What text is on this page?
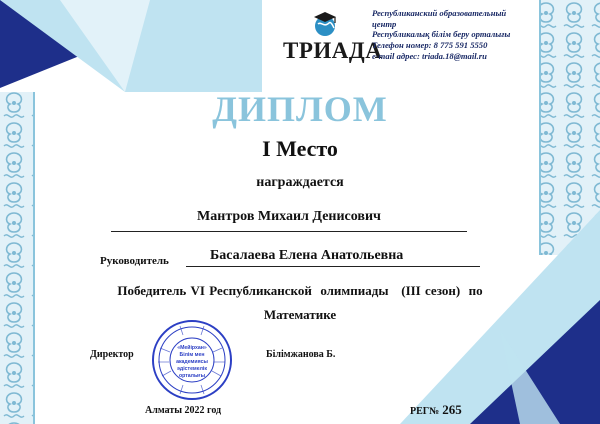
ТРИАДА
Республиканский образовательный
центр
Республикалық білім беру орталығы
Телефон номер: 8 775 591 5550
e-mail адрес: triada.18@mail.ru
ДИПЛОМ
I Место
награждается
Мантров Михаил Денисович
Руководитель	Басалаева Елена Анатольевна
Победитель VI Республиканской  олимпиады   (III сезон)  по
Математике
«Мейірхан»
Білім мен
академиясы
әдістемелік
орталығы
Директор	Білімжанова Б.
Алматы 2022 год	РЕГ№ 265
